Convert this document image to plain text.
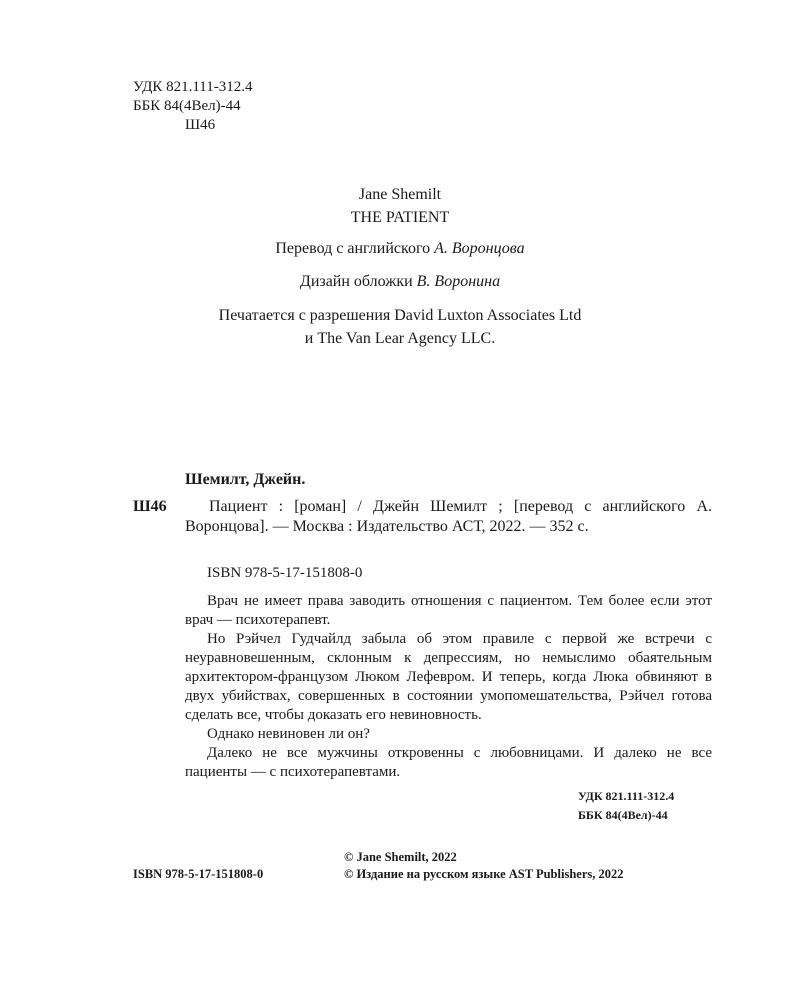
УДК 821.111-312.4
ББК 84(4Вел)-44
Ш46
Jane Shemilt
THE PATIENT
Перевод с английского А. Воронцова
Дизайн обложки В. Воронина
Печатается с разрешения David Luxton Associates Ltd
и The Van Lear Agency LLC.
Шемилт, Джейн.
Ш46	Пациент : [роман] / Джейн Шемилт ; [перевод с английского А. Воронцова]. — Москва : Издательство АСТ, 2022. — 352 с.
ISBN 978-5-17-151808-0

Врач не имеет права заводить отношения с пациентом. Тем более если этот врач — психотерапевт.

Но Рэйчел Гудчайлд забыла об этом правиле с первой же встречи с неуравновешенным, склонным к депрессиям, но немыслимо обаятельным архитектором-французом Люком Лефевром. И теперь, когда Люка обвиняют в двух убийствах, совершенных в состоянии умопомешательства, Рэйчел готова сделать все, чтобы доказать его невиновность.

Однако невиновен ли он?

Далеко не все мужчины откровенны с любовницами. И далеко не все пациенты — с психотерапевтами.

УДК 821.111-312.4
ББК 84(4Вел)-44
© Jane Shemilt, 2022
ISBN 978-5-17-151808-0	© Издание на русском языке AST Publishers, 2022
